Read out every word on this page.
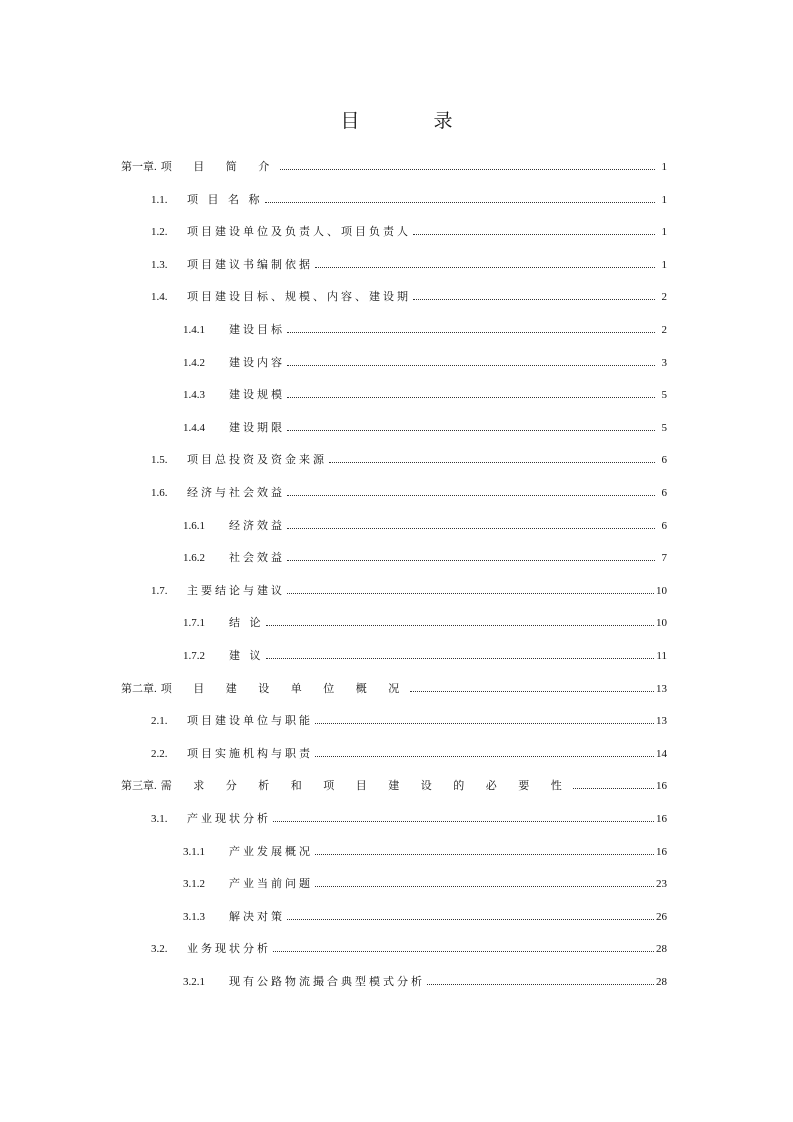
目 录
第一章. 项 目 简 介	1
1.1.	项 目 名 称	1
1.2.	项目建设单位及负责人、项目负责人	1
1.3.	项目建议书编制依据	1
1.4.	项目建设目标、规模、内容、建设期	2
1.4.1	建设目标	2
1.4.2	建设内容	3
1.4.3	建设规模	5
1.4.4	建设期限	5
1.5.	项目总投资及资金来源	6
1.6.	经济与社会效益	6
1.6.1	经济效益	6
1.6.2	社会效益	7
1.7.	主要结论与建议	10
1.7.1	结 论	10
1.7.2	建 议	11
第二章. 项 目 建 设 单 位 概 况	13
2.1.	项目建设单位与职能	13
2.2.	项目实施机构与职责	14
第三章. 需 求 分 析 和 项 目 建 设 的 必 要 性	16
3.1.	产业现状分析	16
3.1.1	产业发展概况	16
3.1.2	产业当前问题	23
3.1.3	解决对策	26
3.2.	业务现状分析	28
3.2.1	现有公路物流撮合典型模式分析	28
